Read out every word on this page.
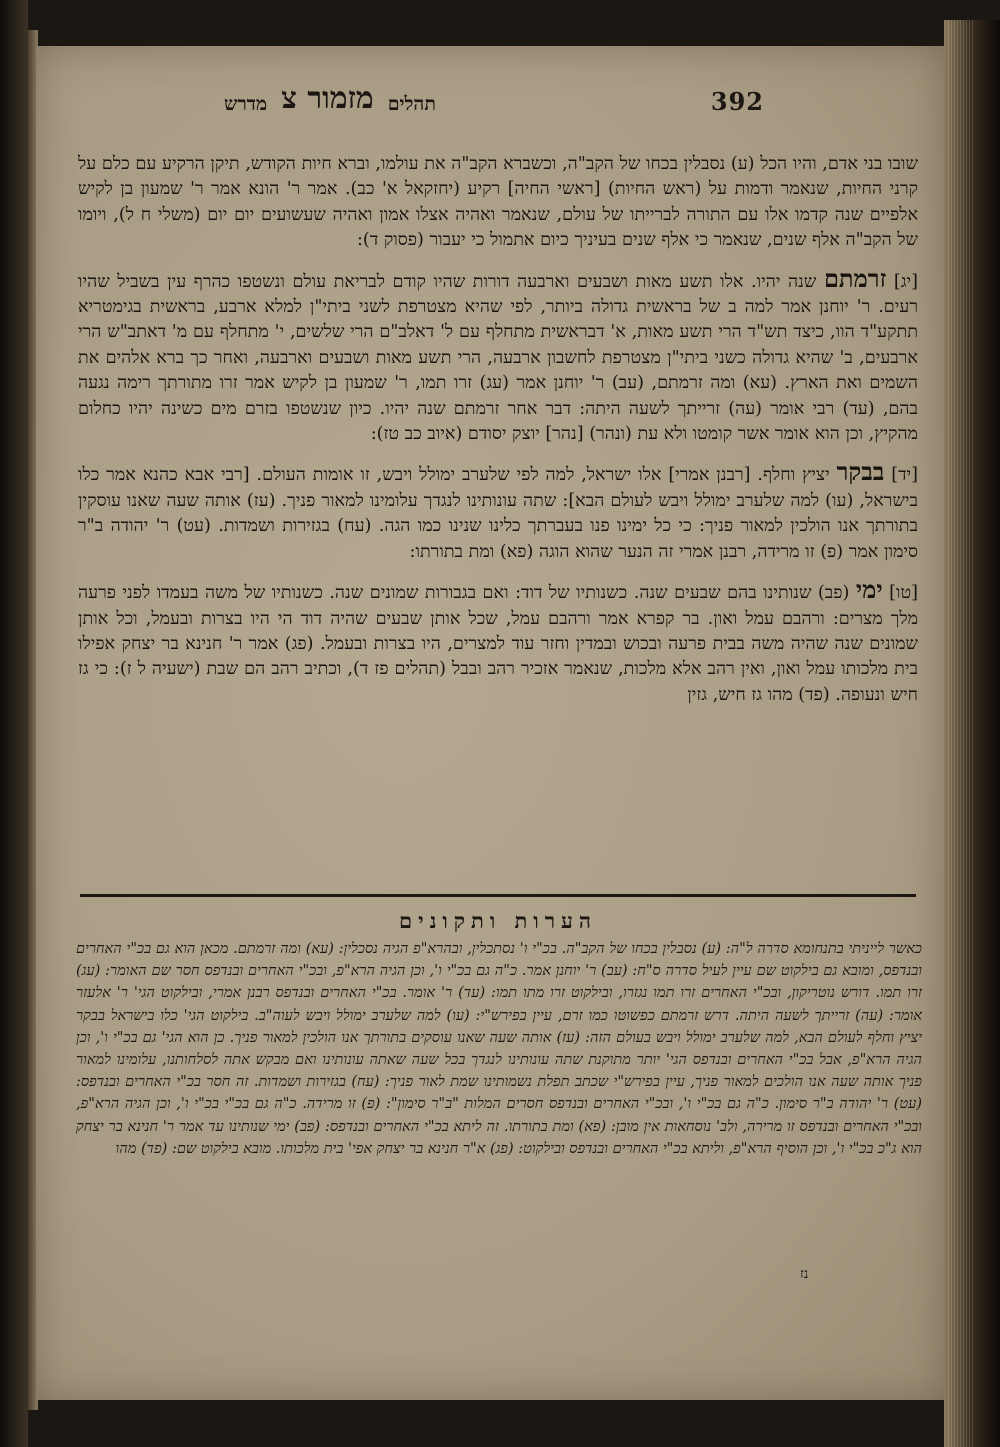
392
תהלים
מזמור צ
מדרש

שובו בני אדם, והיו הכל (ע) נסבלין בכחו של הקב"ה, וכשברא הקב"ה את עולמו, וברא חיות הקודש, תיקן הרקיע עם כלם על קרני החיות, שנאמר ודמות על (ראש החיות) [ראשי החיה] רקיע (יחזקאל א' כב). אמר ר' הונא אמר ר' שמעון בן לקיש אלפיים שנה קדמו אלו עם התורה לברייתו של עולם, שנאמר ואהיה אצלו אמון ואהיה שעשועים יום יום (משלי ח ל), ויומו של הקב"ה אלף שנים, שנאמר כי אלף שנים בעיניך כיום אתמול כי יעבור (פסוק ד):

[יג] זרמתם שנה יהיו. אלו תשע מאות ושבעים וארבעה דורות שהיו קודם לבריאת עולם ונשטפו כהרף עין בשביל שהיו רעים. ר' יוחנן אמר למה ב של בראשית גדולה ביותר, לפי שהיא מצטרפת לשני ביתי"ן למלא ארבע, בראשית בגימטריא תתקע"ד הוו, כיצד תש"ד הרי תשע מאות, א' דבראשית מתחלף עם ל' דאלב"ם הרי שלשים, י' מתחלף עם מ' דאתב"ש הרי ארבעים, ב' שהיא גדולה כשני ביתי"ן מצטרפת לחשבון ארבעה, הרי תשע מאות ושבעים וארבעה, ואחר כך ברא אלהים את השמים ואת הארץ. (עא) ומה זרמתם, (עב) ר' יוחנן אמר (עג) זרו תמו, ר' שמעון בן לקיש אמר זרו מתורתך רימה נגעה בהם, (עד) רבי אומר (עה) זרייתך לשעה היתה: דבר אחר זרמתם שנה יהיו. כיון שנשטפו בזרם מים כשינה יהיו כחלום מהקיץ, וכן הוא אומר אשר קומטו ולא עת (ונהר) [נהר] יוצק יסודם (איוב כב טז):

[יד] בבקר יציץ וחלף. [רבנן אמרי] אלו ישראל, למה לפי שלערב ימולל ויבש, זו אומות העולם. [רבי אבא כהנא אמר כלו בישראל, (עו) למה שלערב ימולל ויבש לעולם הבא]: שתה עונותינו לנגדך עלומינו למאור פניך. (עז) אותה שעה שאנו עוסקין בתורתך אנו הולכין למאור פניך: כי כל ימינו פנו בעברתך כלינו שנינו כמו הגה. (עח) בגזירות ושמדות. (עט) ר' יהודה ב"ר סימון אמר (פ) זו מרידה, רבנן אמרי זה הנער שהוא הוגה (פא) ומת בתורתו:

[טו] ימי (פב) שנותינו בהם שבעים שנה. כשנותיו של דוד: ואם בגבורות שמונים שנה. כשנותיו של משה בעמדו לפני פרעה מלך מצרים: ורהבם עמל ואון. בר קפרא אמר ורהבם עמל, שכל אותן שבעים שהיה דוד הי היו בצרות ובעמל, וכל אותן שמונים שנה שהיה משה בבית פרעה ובכוש ובמדין וחזר עוד למצרים, היו בצרות ובעמל. (פג) אמר ר' חנינא בר יצחק אפילו בית מלכותו עמל ואון, ואין רהב אלא מלכות, שנאמר אזכיר רהב ובבל (תהלים פז ד), וכתיב רהב הם שבת (ישעיה ל ז): כי גז חיש ונעופה. (פד) מהו גז חיש, גזין

הערות ותקונים
כאשר לייניתי בתנחומא סדרה ל"ה: (ע) נסבלין בכחו של הקב"ה. בכ"י ו' נסתכלין, ובהרא"פ הגיה נסכלין: (עא) ומה זרמתם. מכאן הוא גם בכ"י האחרים ובנדפס, ומובא גם בילקוט שם עיין לעיל סדרה ס"ח: (עב) ר' יוחנן אמר. כ"ה גם בכ"י ו', וכן הגיה הרא"פ, ובכ"י האחרים ובנדפס חסר שם האומר: (עג) זרו תמו. דורש נוטריקון, ובכ"י האחרים זרו תמו נגזרו, ובילקוט זרו מתו תמו: (עד) ר' אומר. בכ"י האחרים ובנדפס רבנן אמרי, ובילקוט הגי' ר' אלעזר אומר: (עה) זרייתך לשעה היתה. דרש זרמתם כפשוטו כמו זרם, עיין בפירש"י: (עו) למה שלערב ימולל ויבש לעוה"ב. בילקוט הגי' כלו בישראל בבקר יציץ וחלף לעולם הבא, למה שלערב ימולל ויבש בעולם הזה: (עז) אותה שעה שאנו עוסקים בתורתך אנו הולכין למאור פניך. כן הוא הגי' גם בכ"י ו', וכן הגיה הרא"פ, אבל בכ"י האחרים ובנדפס הגי' יותר מתוקנת שתה עונותינו לנגדך בכל שעה שאתה עונותינו ואם מבקש אתה לסלחותנו, עלומינו למאור פניך אותה שעה אנו הולכים למאור פניך, עיין בפירש"י שכתב תפלת נשמותינו שמת לאור פניך: (עח) בגזירות ושמדות. זה חסר בכ"י האחרים ובנדפס: (עט) ר' יהודה ב"ר סימון. כ"ה גם בכ"י ו', ובכ"י האחרים ובנדפס חסרים המלות "ב"ר סימון": (פ) זו מרידה. כ"ה גם בכ"י בכ"י ו', וכן הגיה הרא"פ, ובכ"י האחרים ובנדפס זו מרירה, ולב' נוסחאות אין מובן: (פא) ומת בתורתו. זה ליתא בכ"י האחרים ובנדפס: (פב) ימי שנותינו עד אמר ר' חנינא בר יצחק הוא ג"כ בכ"י ו', וכן הוסיף הרא"פ, וליתא בכ"י האחרים ובנדפס ובילקוט: (פג) א"ר חנינא בר יצחק אפי' בית מלכותו. מובא בילקוט שם: (פד) מהו
נז
